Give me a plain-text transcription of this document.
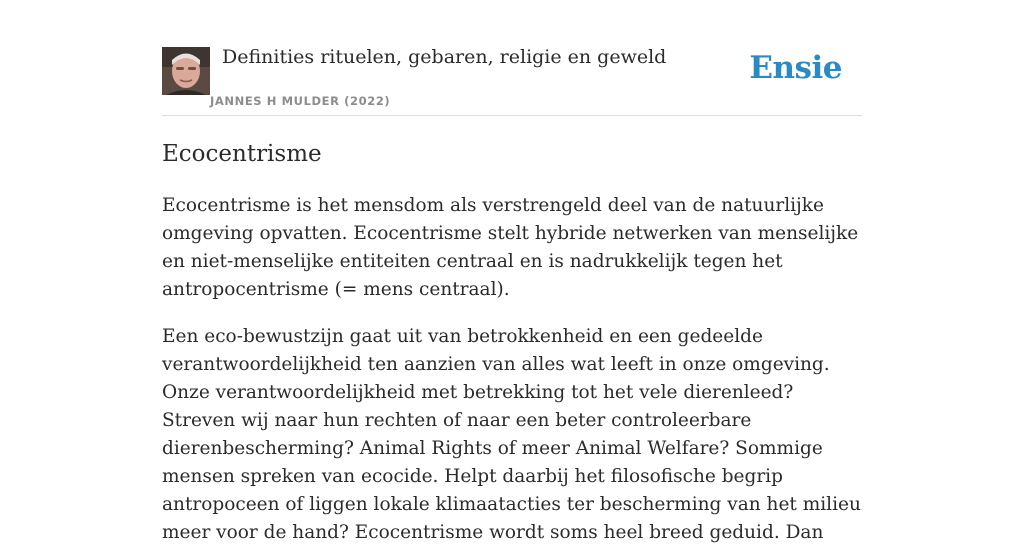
Definities rituelen, gebaren, religie en geweld
JANNES H MULDER (2022)
Ensie
Ecocentrisme

Ecocentrisme is het mensdom als verstrengeld deel van de natuurlijke omgeving opvatten. Ecocentrisme stelt hybride netwerken van menselijke en niet-menselijke entiteiten centraal en is nadrukkelijk tegen het antropocentrisme (= mens centraal).

Een eco-bewustzijn gaat uit van betrokkenheid en een gedeelde verantwoordelijkheid ten aanzien van alles wat leeft in onze omgeving. Onze verantwoordelijkheid met betrekking tot het vele dierenleed? Streven wij naar hun rechten of naar een beter controleerbare dierenbescherming? Animal Rights of meer Animal Welfare? Sommige mensen spreken van ecocide. Helpt daarbij het filosofische begrip antropoceen of liggen lokale klimaatacties ter bescherming van het milieu meer voor de hand? Ecocentrisme wordt soms heel breed geduid. Dan
